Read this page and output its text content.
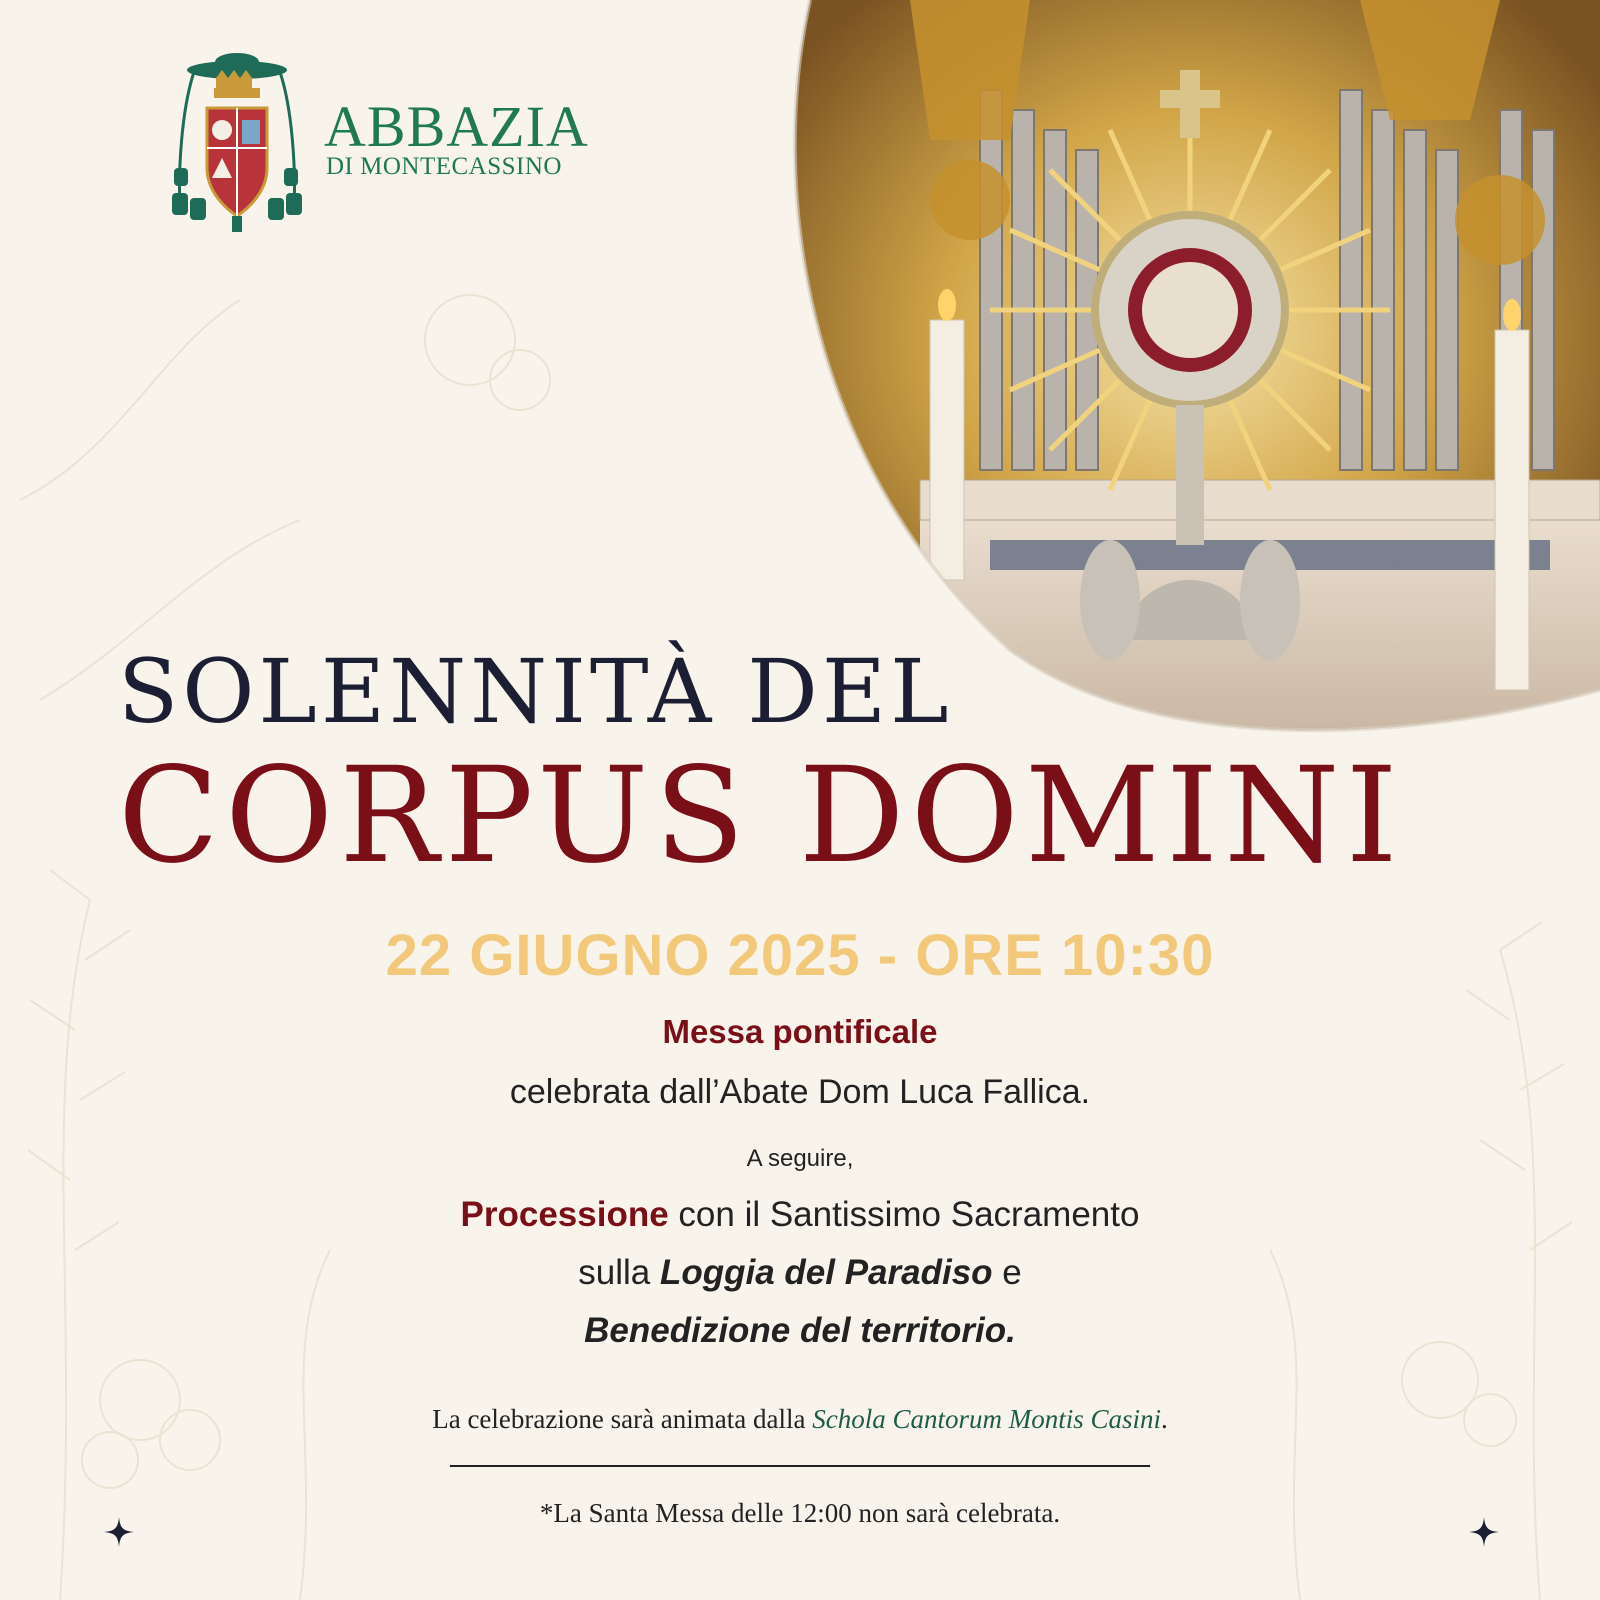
ABBAZIA
DI MONTECASSINO
SOLENNITÀ DEL
CORPUS DOMINI
22 GIUGNO 2025 - ORE 10:30
Messa pontificale
celebrata dall’Abate Dom Luca Fallica.
A seguire,
Processione con il Santissimo Sacramento
sulla Loggia del Paradiso e
Benedizione del territorio.
La celebrazione sarà animata dalla Schola Cantorum Montis Casini.
*La Santa Messa delle 12:00 non sarà celebrata.
